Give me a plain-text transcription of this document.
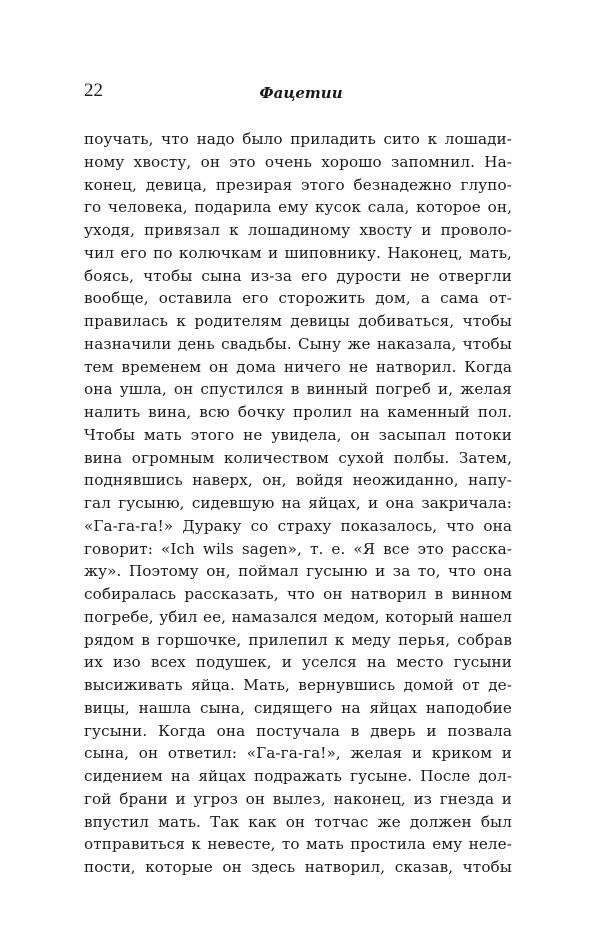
22	Фацетии
поучать, что надо было приладить сито к лошади-
ному хвосту, он это очень хорошо запомнил. На-
конец, девица, презирая этого безнадежно глупо-
го человека, подарила ему кусок сала, которое он,
уходя, привязал к лошадиному хвосту и проволо-
чил его по колючкам и шиповнику. Наконец, мать,
боясь, чтобы сына из-за его дурости не отвергли
вообще, оставила его сторожить дом, а сама от-
правилась к родителям девицы добиваться, чтобы
назначили день свадьбы. Сыну же наказала, чтобы
тем временем он дома ничего не натворил. Когда
она ушла, он спустился в винный погреб и, желая
налить вина, всю бочку пролил на каменный пол.
Чтобы мать этого не увидела, он засыпал потоки
вина огромным количеством сухой полбы. Затем,
поднявшись наверх, он, войдя неожиданно, напу-
гал гусыню, сидевшую на яйцах, и она закричала:
«Га-га-га!» Дураку со страху показалось, что она
говорит: «Ich wils sagen», т. е. «Я все это расска-
жу». Поэтому он, поймал гусыню и за то, что она
собиралась рассказать, что он натворил в винном
погребе, убил ее, намазался медом, который нашел
рядом в горшочке, прилепил к меду перья, собрав
их изо всех подушек, и уселся на место гусыни
высиживать яйца. Мать, вернувшись домой от де-
вицы, нашла сына, сидящего на яйцах наподобие
гусыни. Когда она постучала в дверь и позвала
сына, он ответил: «Га-га-га!», желая и криком и
сидением на яйцах подражать гусыне. После дол-
гой брани и угроз он вылез, наконец, из гнезда и
впустил мать. Так как он тотчас же должен был
отправиться к невесте, то мать простила ему неле-
пости, которые он здесь натворил, сказав, чтобы
